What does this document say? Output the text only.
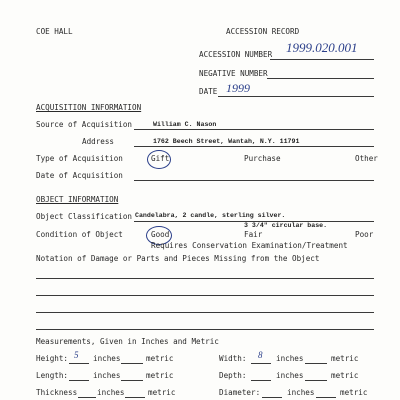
COE HALL	ACCESSION RECORD
ACCESSION NUMBER 1999.020.001
NEGATIVE NUMBER
DATE 1999
ACQUISITION INFORMATION
Source of Acquisition	William C. Nason
Address	1762 Beech Street, Wantah, N.Y. 11791
Type of Acquisition	Gift	Purchase	Other
Date of Acquisition
OBJECT INFORMATION
Object Classification Candelabra, 2 candle, sterling silver.
3 3/4" circular base.
Condition of Object	Good	Fair	Poor
Requires Conservation Examination/Treatment
Notation of Damage or Parts and Pieces Missing from the Object
Measurements, Given in Inches and Metric
Height: 5 inches	metric	Width: 8 inches	metric
Length:	inches	metric	Depth:	inches	metric
Thickness	inches	metric	Diameter:	inches	metric
